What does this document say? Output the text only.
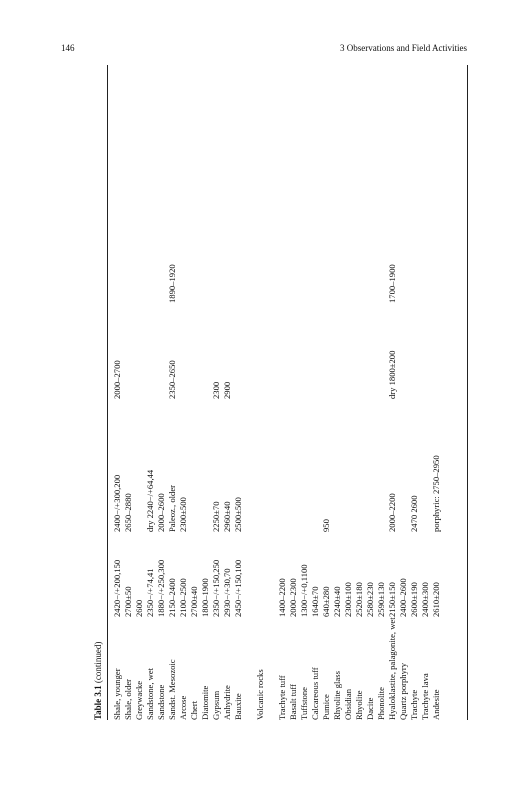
146	3 Observations and Field Activities
Table 3.1 (continued)
Shale, younger
2420−/+200,150
2400−/+300,200
2000–2700
Shale, older
2700±50
2650–2880
Greywacke
2600
Sandstone, wet
2350−/+74,41
dry 2240−/+64,44
Sandstone
1880−/+250,300
2000–2600
Sandst. Mesozoic
2150–2400
Paleoz., older
2350–2650
1890–1920
Arcose
2100–2500
2300±500
Chert
2700±40
Diatomite
1800–1900
Gypsum
2350−/+150,250
2250±70
2300
Anhydrite
2930−/+30,70
2960±40
2900
Bauxite
2450−/+150,100
2500±500
Volcanic rocks Trachyte tuff
1400–2200
Basalt tuff
2000–2300
Tuffstone
1300−/+0,1100
Calcareous tuff
1640±70
Pumice
640±280
950
Rhyolite glass
2240±40
Obsidian
2300±100
Rhyolite
2520±180
Dacite
2580±230
Phonolite
2590±130
Hyaloklastite, palagonite, wet
2150±150
2000–2200
dry 1800±200
1700–1900
Quartz porphyry
2400–2600
Trachyte
2600±190
2470 2600
Trachyte lava
2400±300
Andesite
2610±200
porphyric: 2750–2950
